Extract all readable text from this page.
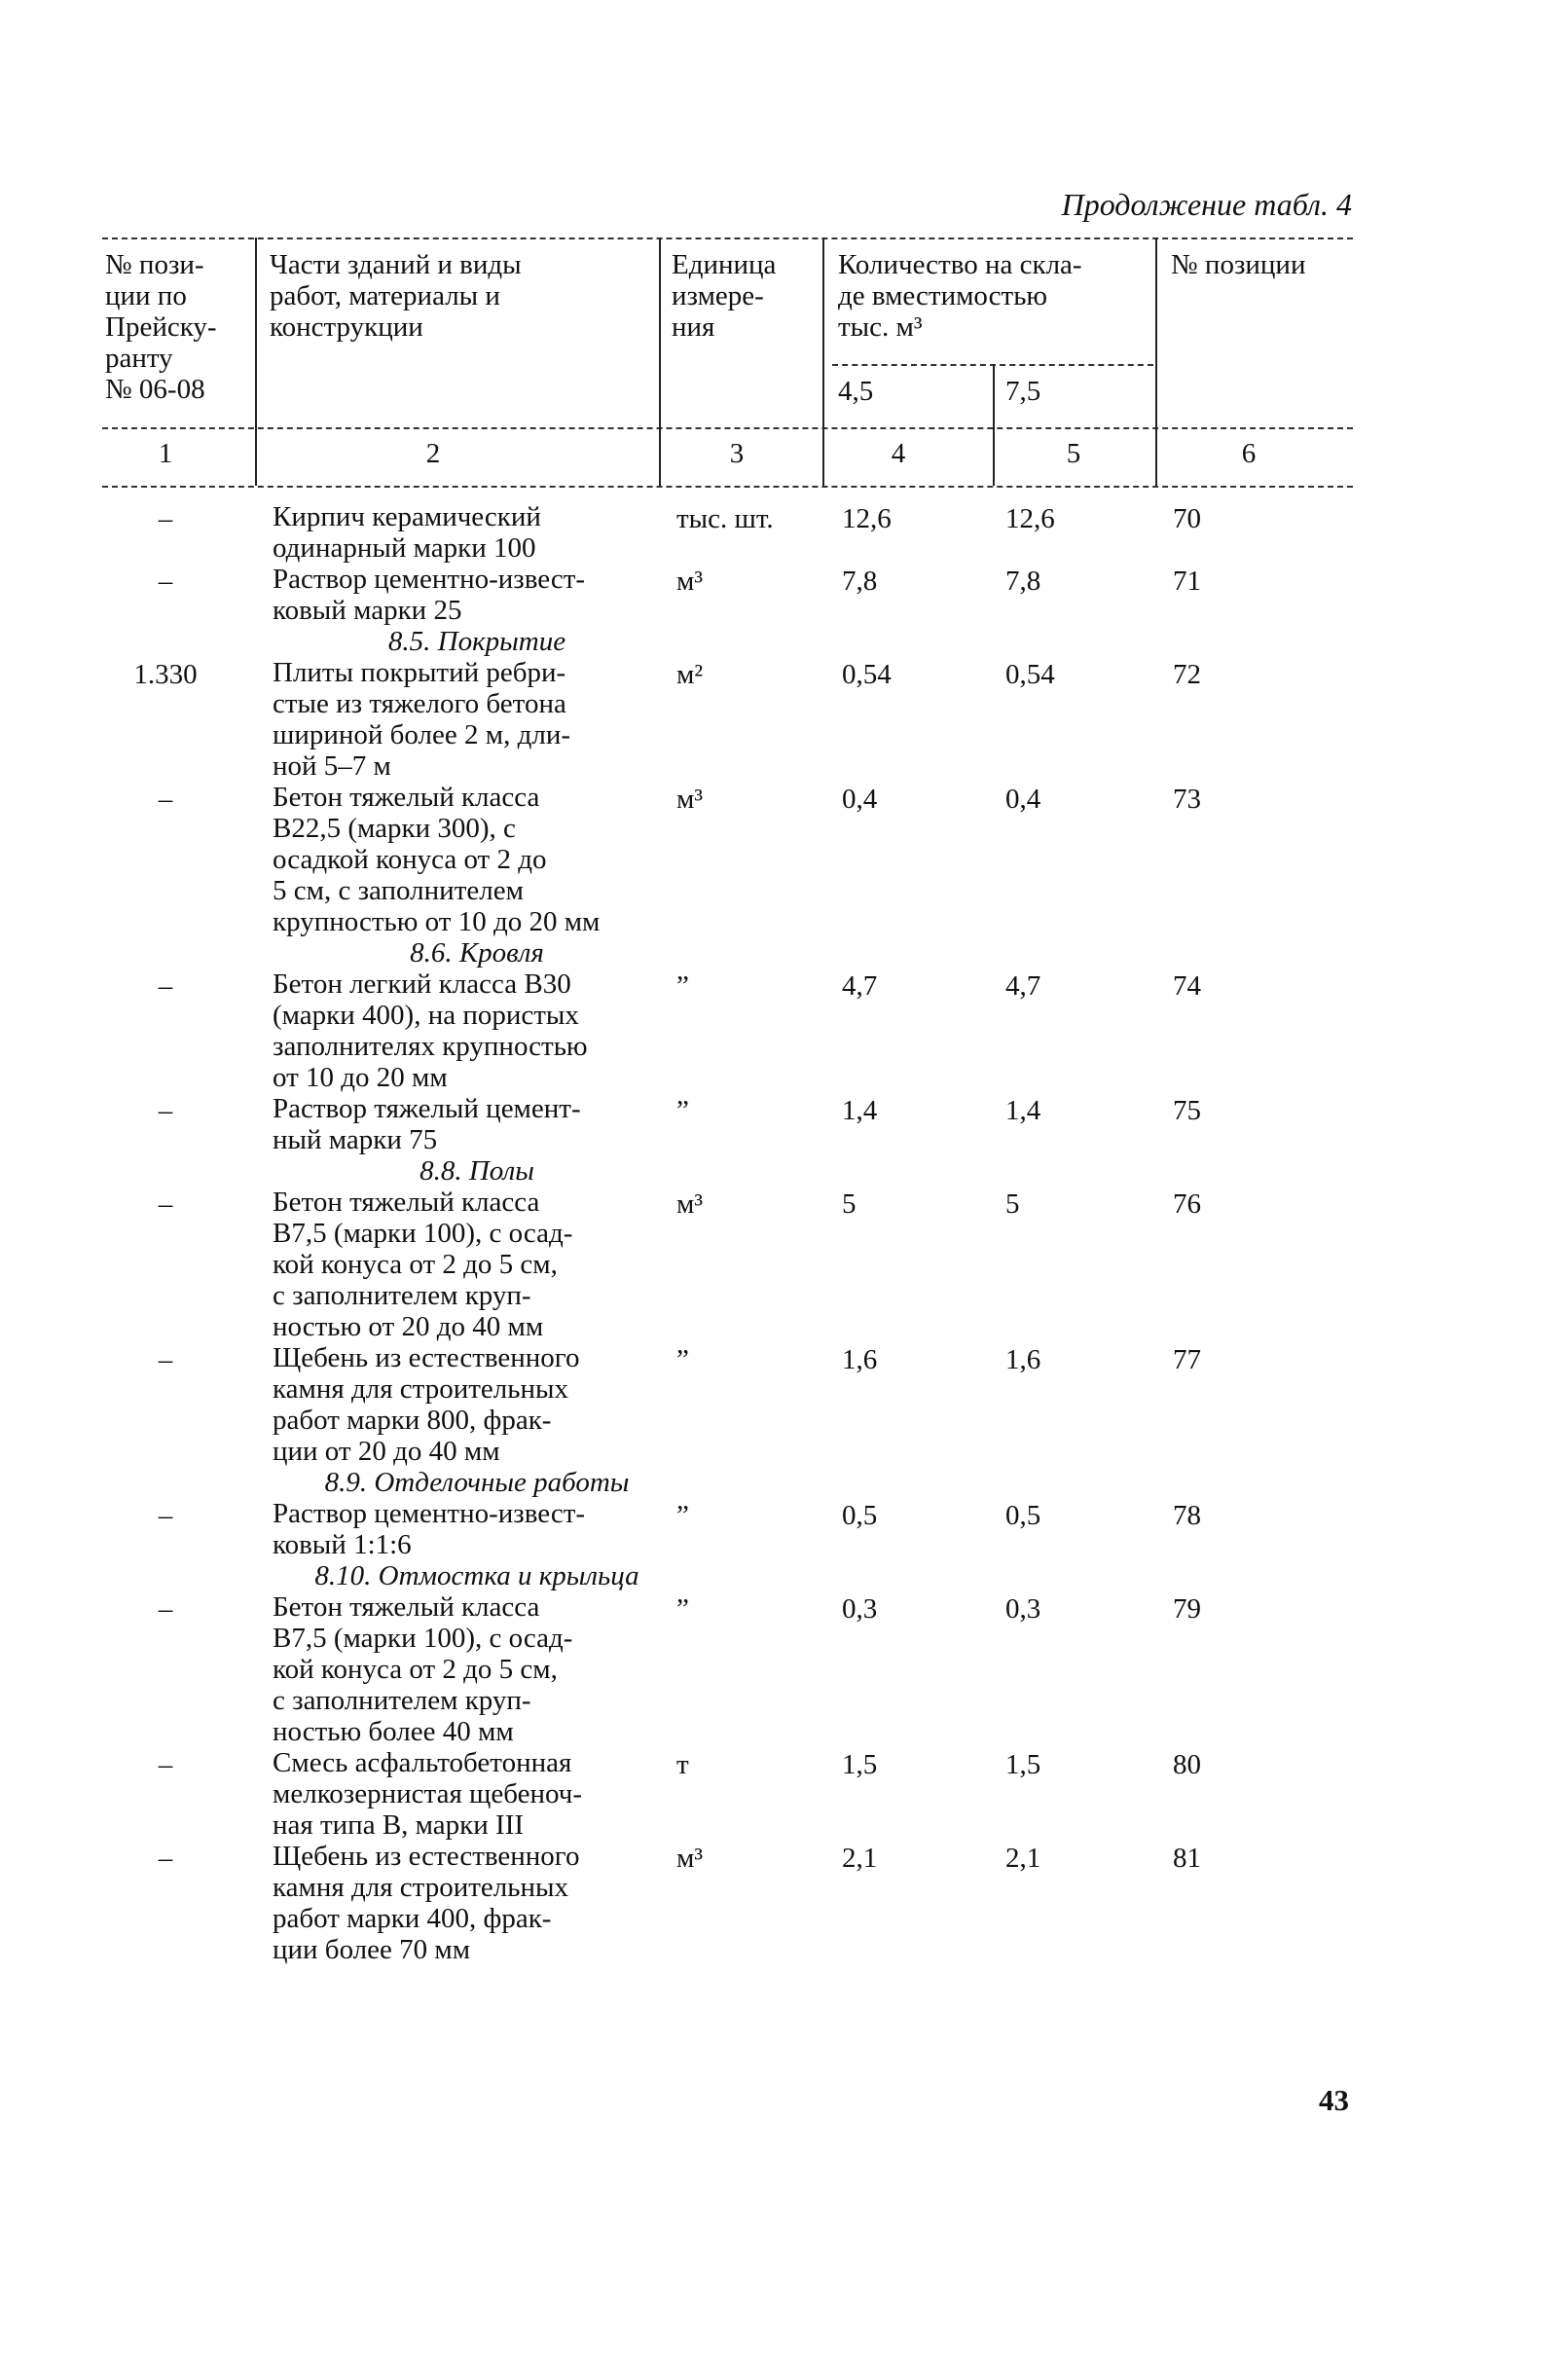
Продолжение табл. 4
№ пози-
ции по
Прейску-
ранту
№ 06-08
Части зданий и виды
работ, материалы и
конструкции
Единица
измере-
ния
Количество на скла-
де вместимостью
тыс. м³
4,5	7,5
№ позиции
1	2	3	4	5	6
–	Кирпич керамический
одинарный марки 100
тыс. шт. 12,6	12,6	70
–	Раствор цементно-извест-
ковый марки 25
м³	7,8	7,8	71
8.5. Покрытие
1.330	Плиты покрытий ребри-
стые из тяжелого бетона
шириной более 2 м, дли-
ной 5–7 м
м²	0,54	0,54	72
–	Бетон тяжелый класса
В22,5 (марки 300), с
осадкой конуса от 2 до
5 см, с заполнителем
крупностью от 10 до 20 мм
м³	0,4	0,4	73
8.6. Кровля
–	Бетон легкий класса В30
(марки 400), на пористых
заполнителях крупностью
от 10 до 20 мм
”	4,7	4,7	74
–	Раствор тяжелый цемент-
ный марки 75
”	1,4	1,4	75
8.8. Полы
–	Бетон тяжелый класса
В7,5 (марки 100), с осад-
кой конуса от 2 до 5 см,
с заполнителем круп-
ностью от 20 до 40 мм
м³	5	5	76
–	Щебень из естественного
камня для строительных
работ марки 800, фрак-
ции от 20 до 40 мм
”	1,6	1,6	77
8.9. Отделочные работы
–	Раствор цементно-извест-
ковый 1:1:6
”	0,5	0,5	78
8.10. Отмостка и крыльца
–	Бетон тяжелый класса
В7,5 (марки 100), с осад-
кой конуса от 2 до 5 см,
с заполнителем круп-
ностью более 40 мм
”	0,3	0,3	79
–	Смесь асфальтобетонная
мелкозернистая щебеноч-
ная типа В, марки III
т	1,5	1,5	80
–	Щебень из естественного
камня для строительных
работ марки 400, фрак-
ции более 70 мм
м³	2,1	2,1	81
43
